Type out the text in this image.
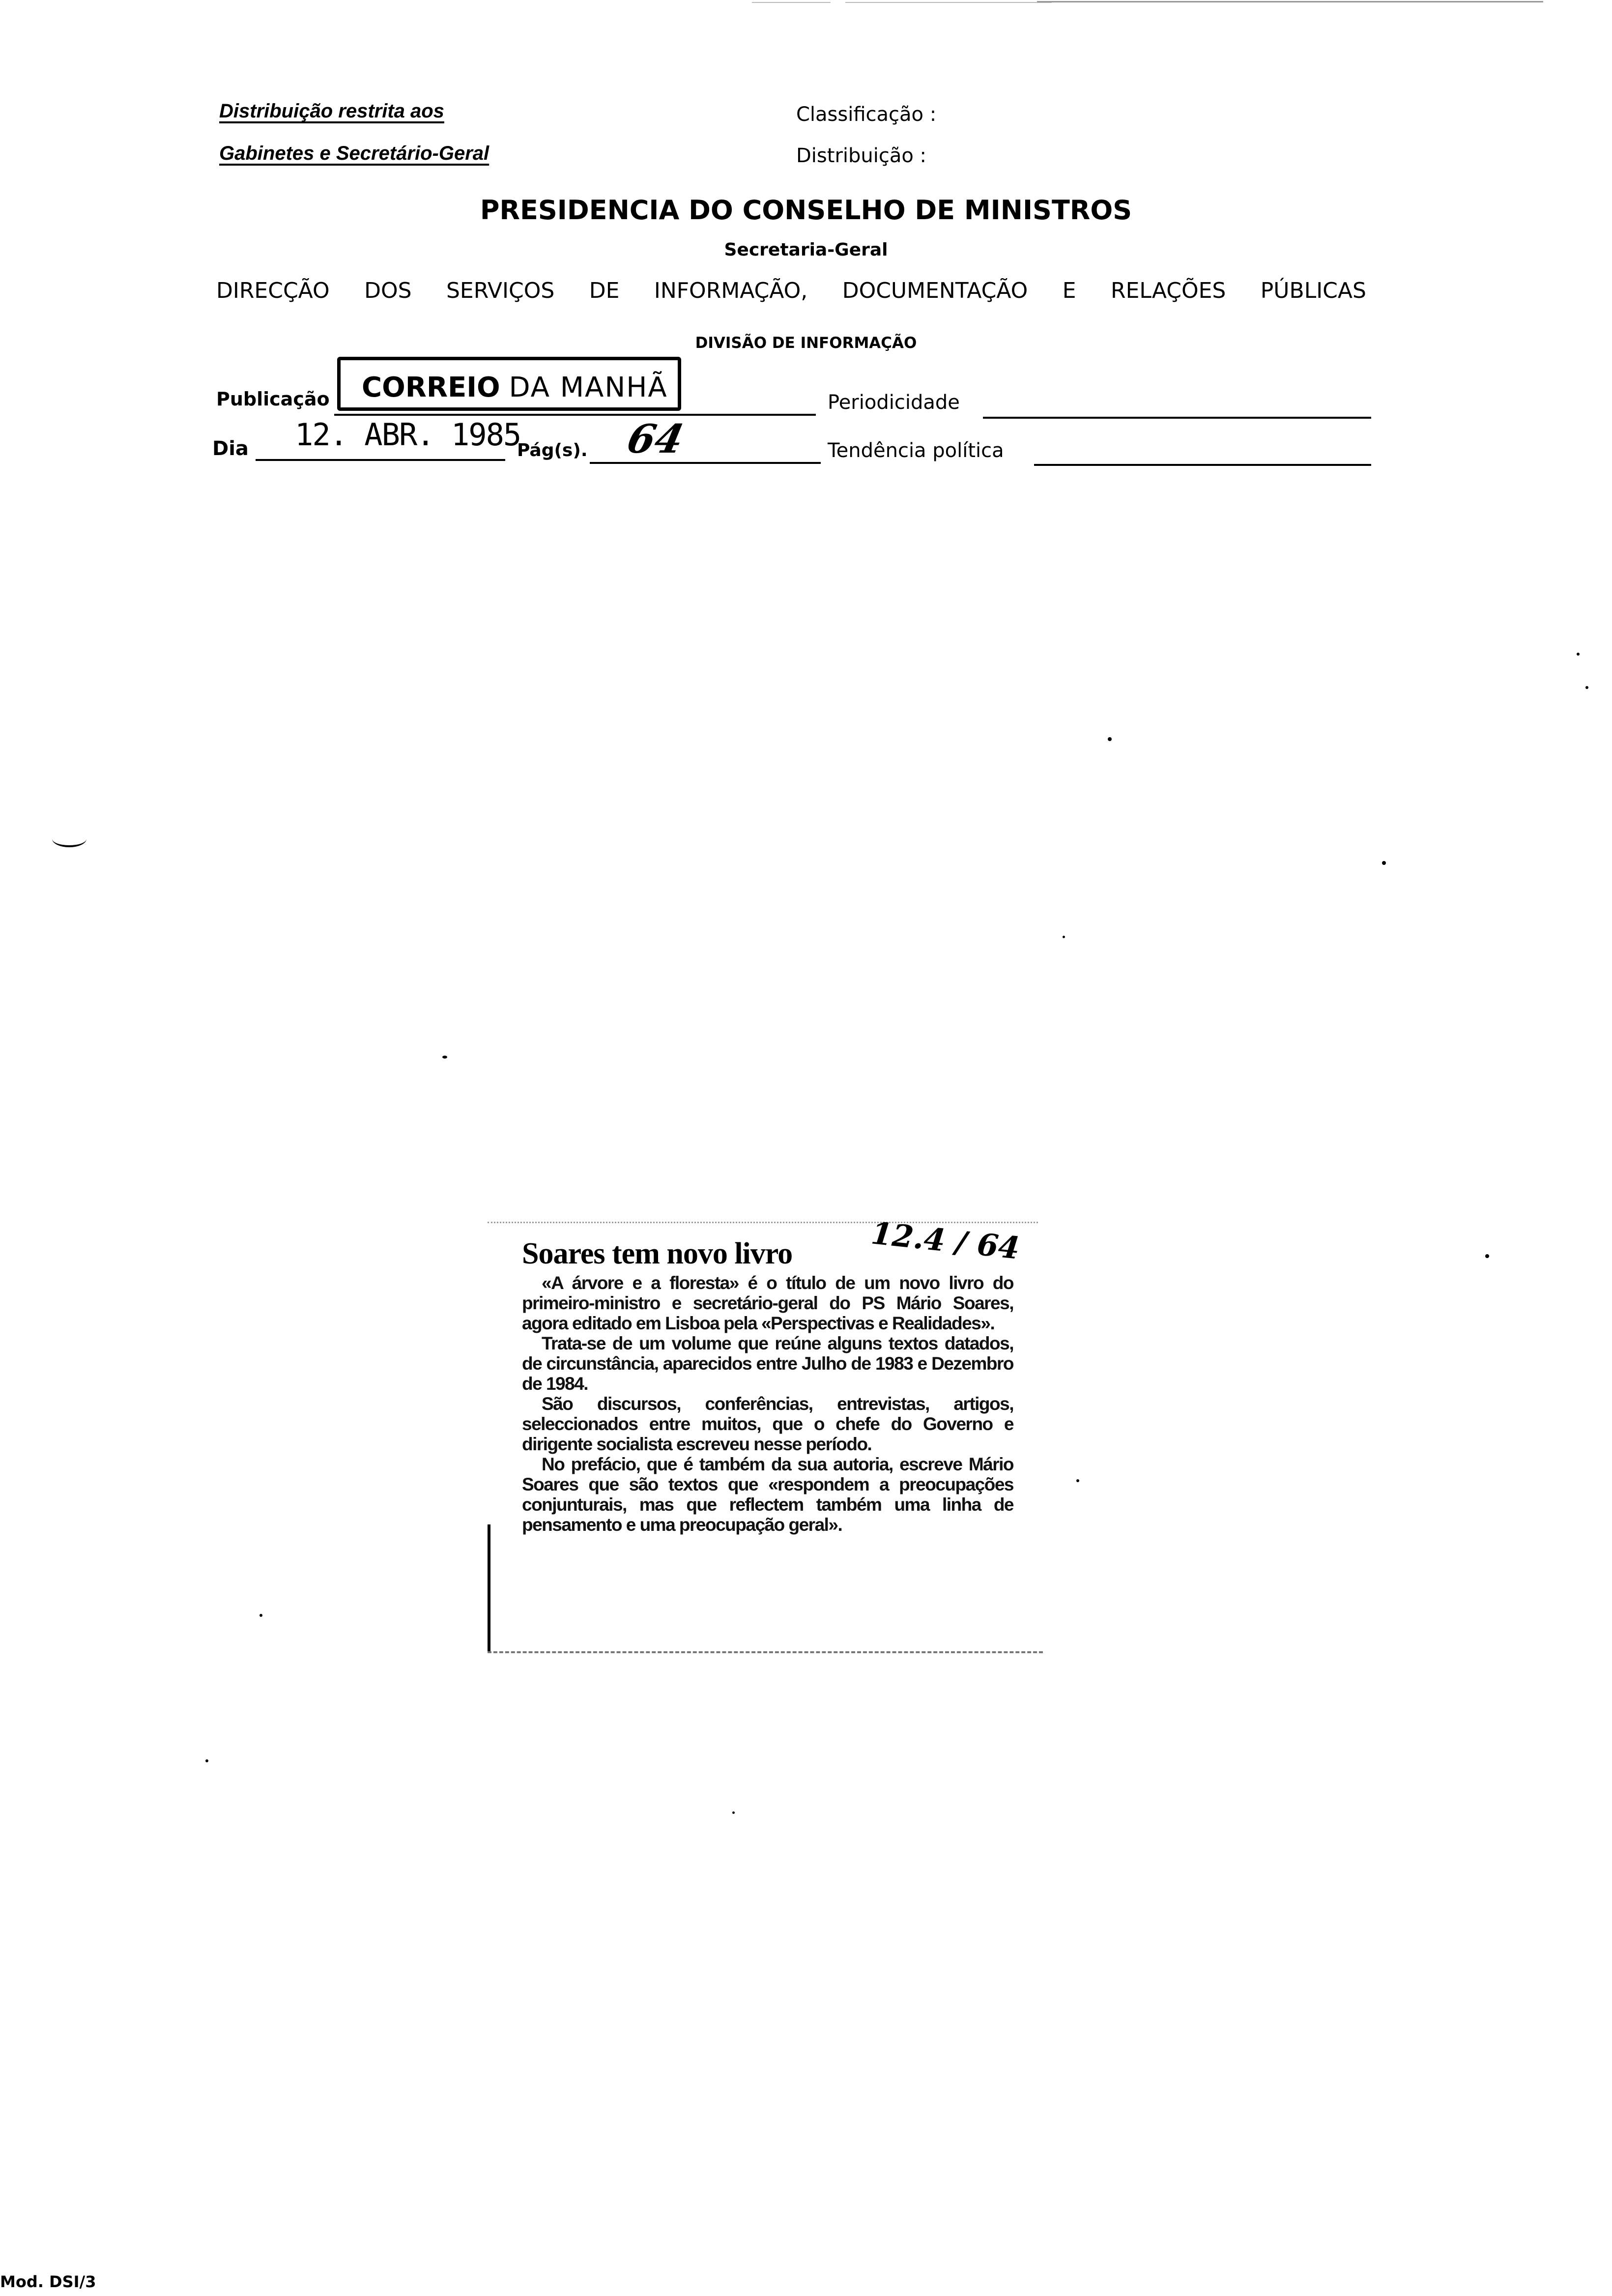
Distribuição restrita aos
Gabinetes e Secretário-Geral
Classificação :
Distribuição :
PRESIDENCIA DO CONSELHO DE MINISTROS
Secretaria-Geral
DIRECÇÃO DOS SERVIÇOS DE INFORMAÇÃO, DOCUMENTAÇÃO E RELAÇÕES PÚBLICAS
DIVISÃO DE INFORMAÇÃO
Publicação CORREIO DA MANHÃ	Periodicidade
Dia 12. ABR. 1985
Pág(s). 64	Tendência política
Soares tem novo livro	12.4 / 64

«A árvore e a floresta» é o título de um novo livro do primeiro-ministro e secretário-geral do PS Mário Soares, agora editado em Lisboa pela «Perspectivas e Realidades».

Trata-se de um volume que reúne alguns textos datados, de circunstância, aparecidos entre Julho de 1983 e Dezembro de 1984.

São discursos, conferências, entrevistas, artigos, seleccionados entre muitos, que o chefe do Governo e dirigente socialista escreveu nesse período.

No prefácio, que é também da sua autoria, escreve Mário Soares que são textos que «respondem a preocupações conjunturais, mas que reflectem também uma linha de pensamento e uma preocupação geral».

Mod. DSI/3
